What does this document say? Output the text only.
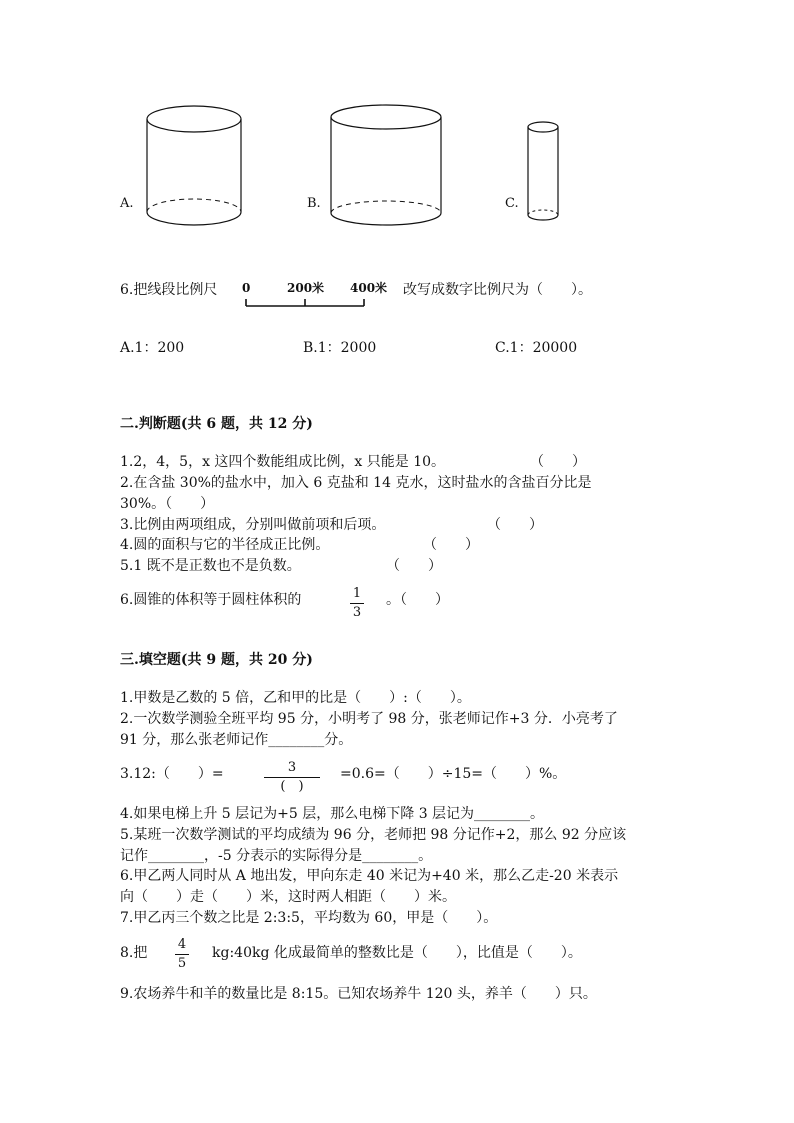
A.	B.	C.
6.把线段比例尺 0	200米 400米 改写成数字比例尺为（　　）。
A.1：200	B.1：2000	C.1：20000
二.判断题(共 6 题，共 12 分)
1.2，4，5，x 这四个数能组成比例，x 只能是 10。	（　　）
2.在含盐 30%的盐水中，加入 6 克盐和 14 克水，这时盐水的含盐百分比是
30%。（　　）
3.比例由两项组成，分别叫做前项和后项。	（　　）
4.圆的面积与它的半径成正比例。	（　　）
5.1 既不是正数也不是负数。	（　　）
6.圆锥的体积等于圆柱体积的	1
3
。（　　）
三.填空题(共 9 题，共 20 分)
1.甲数是乙数的 5 倍，乙和甲的比是（　　）:（　　）。
2.一次数学测验全班平均 95 分，小明考了 98 分，张老师记作+3 分．小亮考了
91 分，那么张老师记作________分。
3.12:（　　）=	3
(　)
=0.6=（　　）÷15=（　　）%。
4.如果电梯上升 5 层记为+5 层，那么电梯下降 3 层记为________。
5.某班一次数学测试的平均成绩为 96 分，老师把 98 分记作+2，那么 92 分应该
记作________，-5 分表示的实际得分是________。
6.甲乙两人同时从 A 地出发，甲向东走 40 米记为+40 米，那么乙走-20 米表示
向（　　）走（　　）米，这时两人相距（　　）米。
7.甲乙丙三个数之比是 2:3:5，平均数为 60，甲是（　　）。
8.把
4
5
kg:40kg 化成最简单的整数比是（　　），比值是（　　）。
9.农场养牛和羊的数量比是 8:15。已知农场养牛 120 头，养羊（　　）只。
